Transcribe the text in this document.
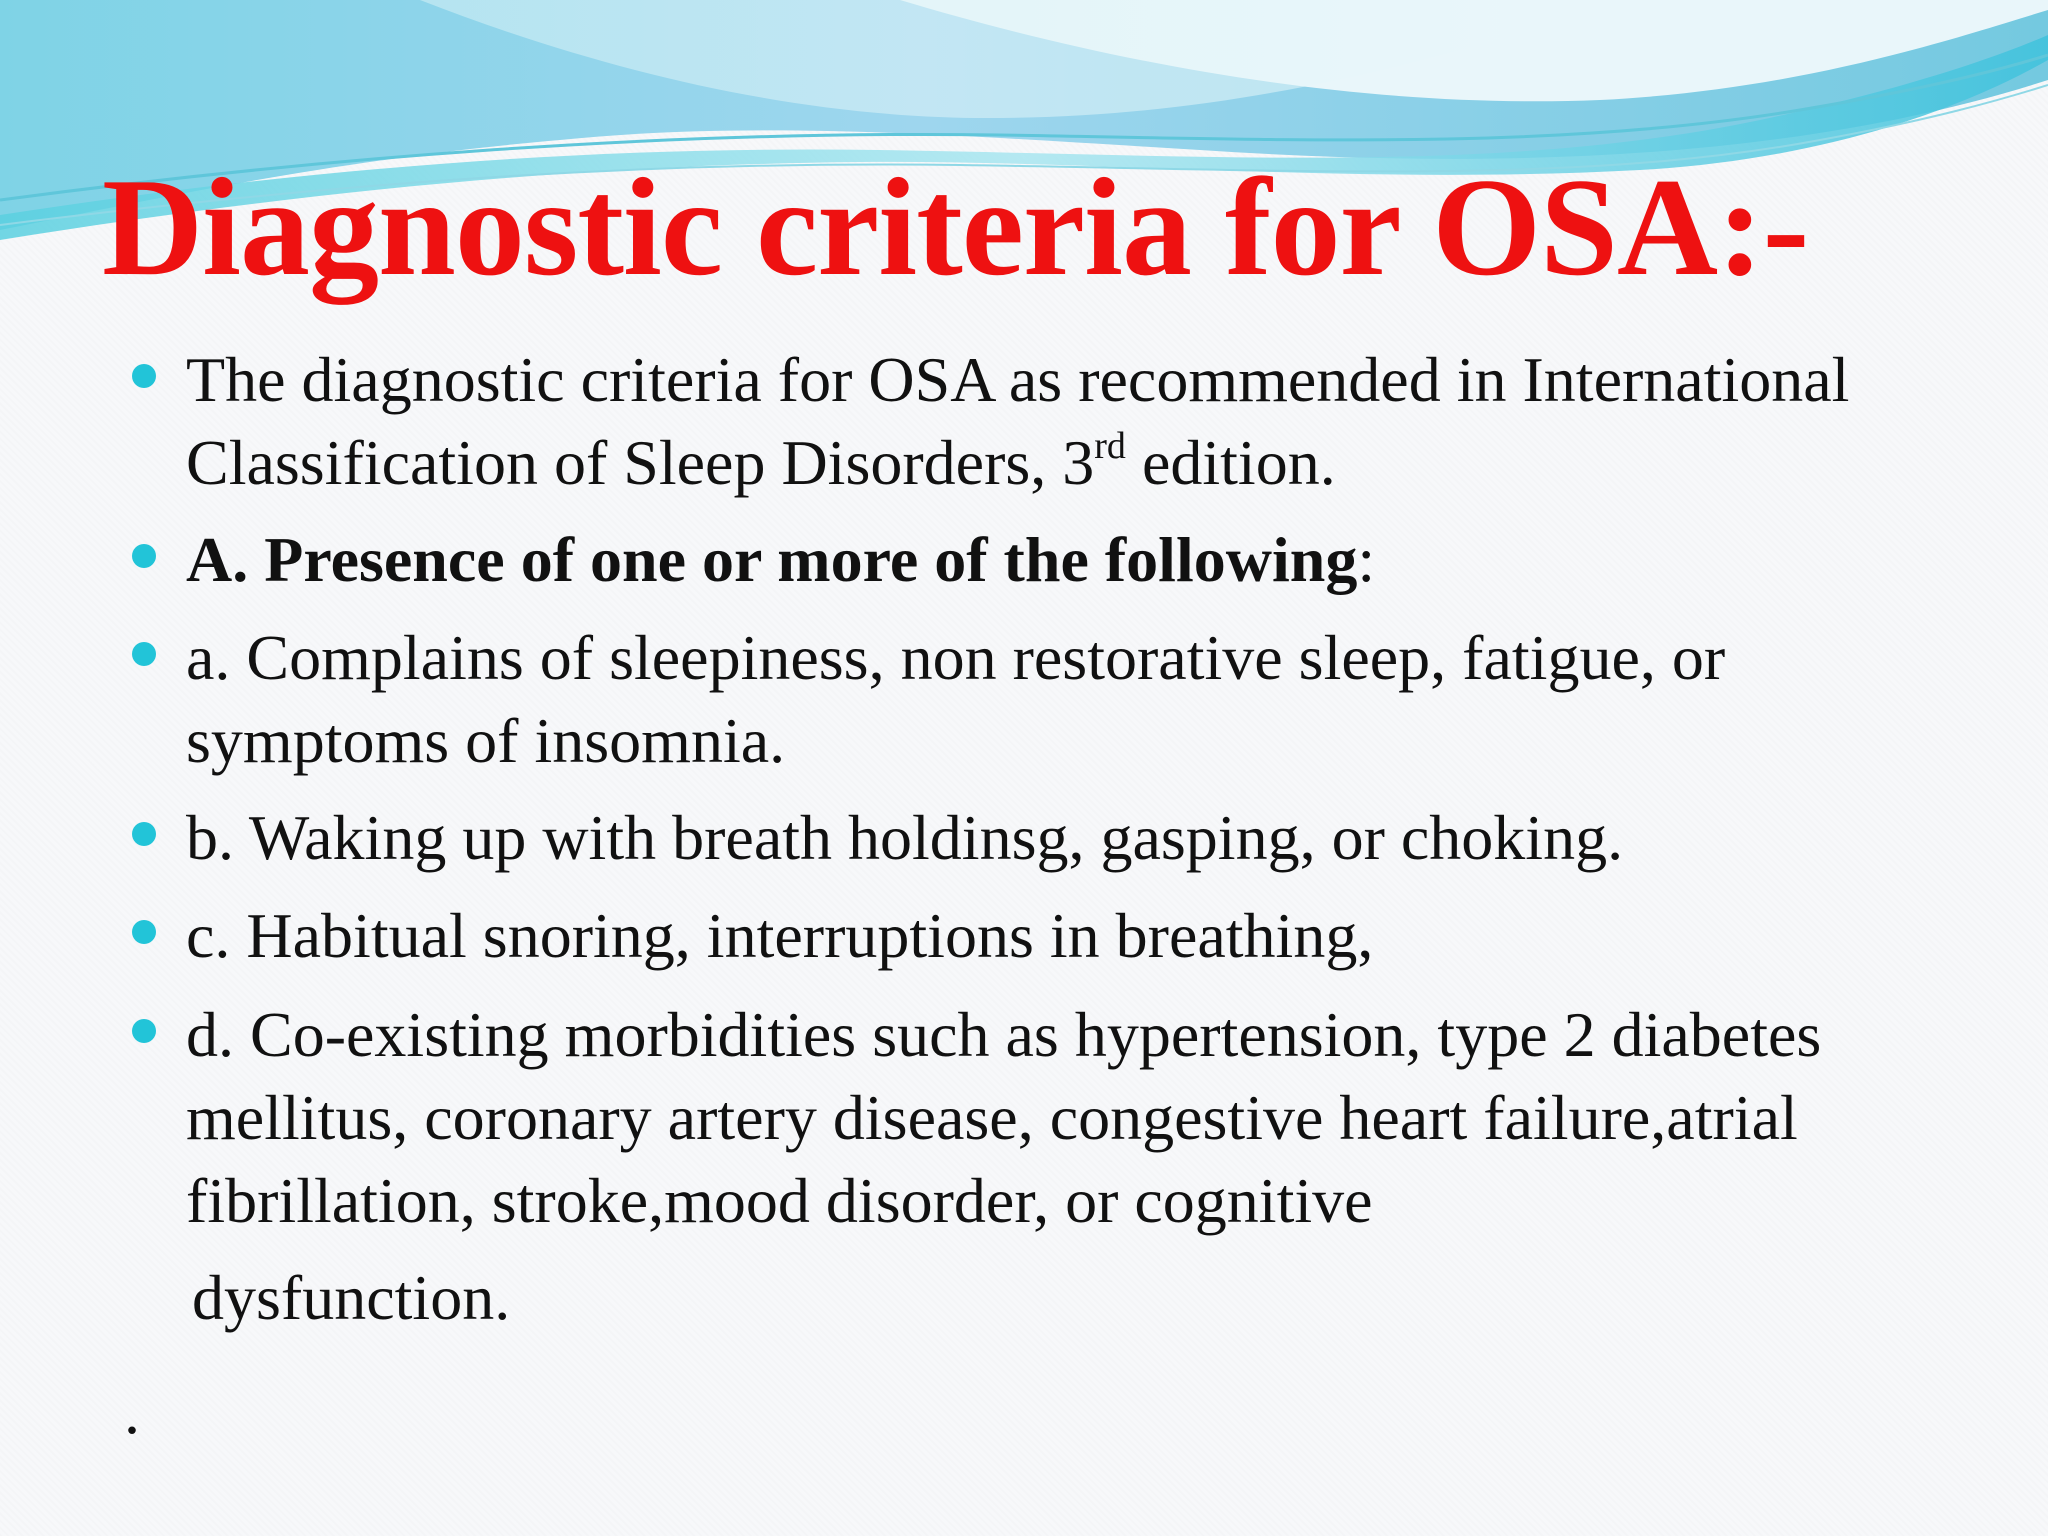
Diagnostic criteria for OSA:-
The diagnostic criteria for OSA as recommended in International Classification of Sleep Disorders, 3rd edition.
A. Presence of one or more of the following:
a. Complains of sleepiness, non restorative sleep, fatigue, or symptoms of insomnia.
b. Waking up with breath holdinsg, gasping, or choking.
c. Habitual snoring, interruptions in breathing,
d. Co-existing morbidities such as hypertension, type 2 diabetes mellitus, coronary artery disease, congestive heart failure,atrial fibrillation, stroke,mood disorder, or cognitive
dysfunction.
.
